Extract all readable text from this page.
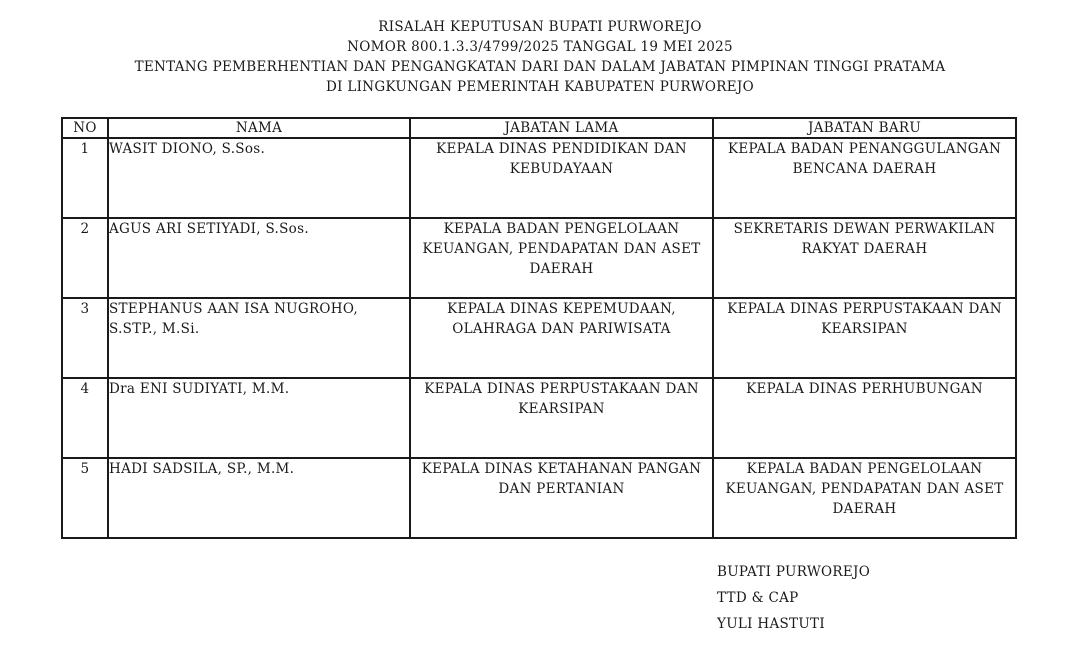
RISALAH KEPUTUSAN BUPATI PURWOREJO
NOMOR 800.1.3.3/4799/2025 TANGGAL 19 MEI 2025
TENTANG PEMBERHENTIAN DAN PENGANGKATAN DARI DAN DALAM JABATAN PIMPINAN TINGGI PRATAMA
DI LINGKUNGAN PEMERINTAH KABUPATEN PURWOREJO
NO	NAMA	JABATAN LAMA	JABATAN BARU
1	WASIT DIONO, S.Sos.	KEPALA DINAS PENDIDIKAN DAN KEBUDAYAAN	KEPALA BADAN PENANGGULANGAN BENCANA DAERAH
2	AGUS ARI SETIYADI, S.Sos.	KEPALA BADAN PENGELOLAAN KEUANGAN, PENDAPATAN DAN ASET DAERAH	SEKRETARIS DEWAN PERWAKILAN RAKYAT DAERAH
3	STEPHANUS AAN ISA NUGROHO, S.STP., M.Si.	KEPALA DINAS KEPEMUDAAN, OLAHRAGA DAN PARIWISATA	KEPALA DINAS PERPUSTAKAAN DAN KEARSIPAN
4	Dra ENI SUDIYATI, M.M.	KEPALA DINAS PERPUSTAKAAN DAN KEARSIPAN	KEPALA DINAS PERHUBUNGAN
5	HADI SADSILA, SP., M.M.	KEPALA DINAS KETAHANAN PANGAN DAN PERTANIAN	KEPALA BADAN PENGELOLAAN KEUANGAN, PENDAPATAN DAN ASET DAERAH
BUPATI PURWOREJO
TTD & CAP
YULI HASTUTI
